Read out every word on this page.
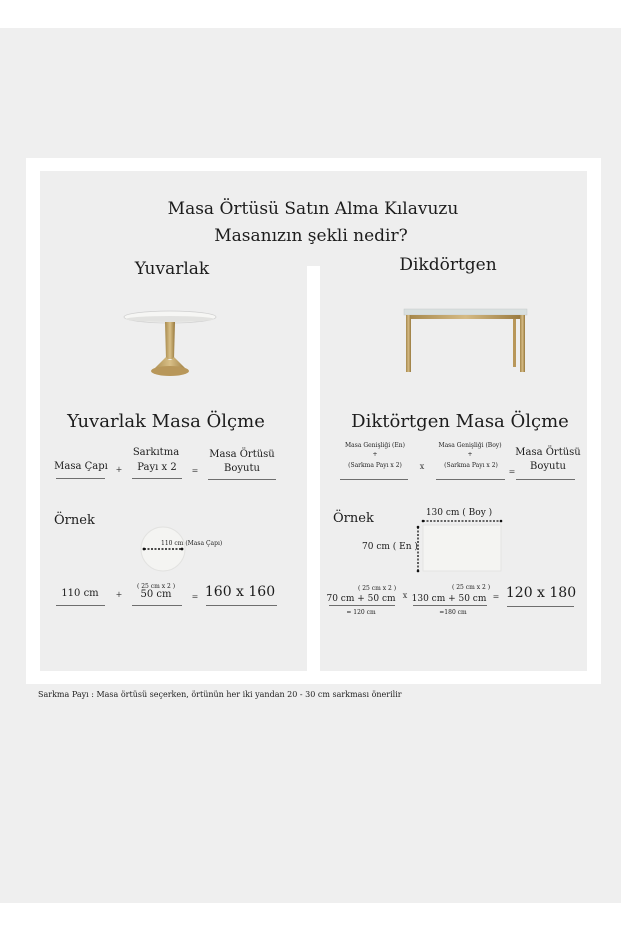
Masa Örtüsü Satın Alma Kılavuzu
Masanızın şekli nedir?
Yuvarlak
Yuvarlak Masa Ölçme
Masa Çapı +
Sarkıtma
Payı x 2 =
Masa Örtüsü
Boyutu
Örnek
110 cm (Masa Çapı)
110 cm +
( 25 cm x 2 )
50 cm	= 160 x 160
Dikdörtgen
Diktörtgen Masa Ölçme
Masa Genişliği (En)
+
(Sarkma Payı x 2) x
Masa Genişliği (Boy)
+
(Sarkma Payı x 2)
=
Masa Örtüsü
Boyutu
Örnek	130 cm ( Boy )
70 cm ( En )
( 25 cm x 2 )
70 cm + 50 cm
= 120 cm
x
( 25 cm x 2 )
130 cm + 50 cm
=180 cm
= 120 x 180
Sarkma Payı : Masa örtüsü seçerken, örtünün her iki yandan 20 - 30 cm sarkması önerilir
